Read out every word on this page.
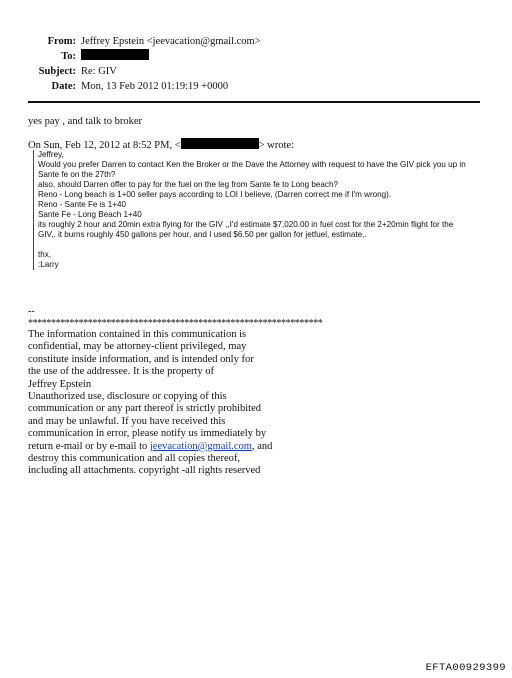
From: Jeffrey Epstein <jeevacation@gmail.com>
To:
Subject: Re: GIV
Date: Mon, 13 Feb 2012 01:19:19 +0000
yes pay , and talk to broker
On Sun, Feb 12, 2012 at 8:52 PM, <	> wrote:
Jeffrey,
Would you prefer Darren to contact Ken the Broker or the Dave the Attorney with request to have the GIV pick you up in
Sante fe on the 27th?
also, should Darren offer to pay for the fuel on the leg from Sante fe to Long beach?
Reno - Long beach is 1+00 seller pays according to LOI I believe, (Darren correct me if I'm wrong).
Reno - Sante Fe is 1+40
Sante Fe - Long Beach 1+40
its roughly 2 hour and 20min extra flying for the GIV ,,I'd estimate $7,020.00 in fuel cost for the 2+20min flight for the
GIV,. it burns roughly 450 gallons per hour, and I used $6.50 per gallon for jetfuel, estimate,.
thx,
:Larry
--
****************************************************************
The information contained in this communication is
confidential, may be attorney-client privileged, may
constitute inside information, and is intended only for
the use of the addressee. It is the property of
Jeffrey Epstein
Unauthorized use, disclosure or copying of this
communication or any part thereof is strictly prohibited
and may be unlawful. If you have received this
communication in error, please notify us immediately by
return e-mail or by e-mail to jeevacation@gmail.com, and
destroy this communication and all copies thereof,
including all attachments. copyright -all rights reserved
EFTA00929399
